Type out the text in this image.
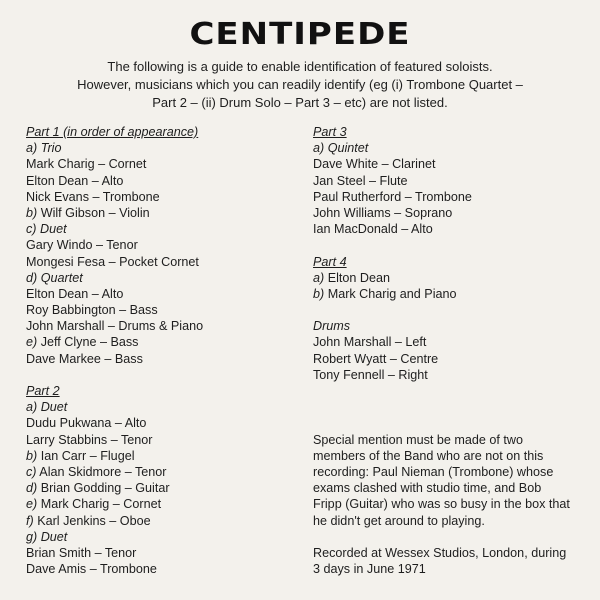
CENTIPEDE
The following is a guide to enable identification of featured soloists.
However, musicians which you can readily identify (eg (i) Trombone Quartet –
Part 2 – (ii) Drum Solo – Part 3 – etc) are not listed.
Part 1 (in order of appearance)
a) Trio
Mark Charig – Cornet
Elton Dean – Alto
Nick Evans – Trombone
b) Wilf Gibson – Violin
c) Duet
Gary Windo – Tenor
Mongesi Fesa – Pocket Cornet
d) Quartet
Elton Dean – Alto
Roy Babbington – Bass
John Marshall – Drums & Piano
e) Jeff Clyne – Bass
Dave Markee – Bass
Part 2
a) Duet
Dudu Pukwana – Alto
Larry Stabbins – Tenor
b) Ian Carr – Flugel
c) Alan Skidmore – Tenor
d) Brian Godding – Guitar
e) Mark Charig – Cornet
f) Karl Jenkins – Oboe
g) Duet
Brian Smith – Tenor
Dave Amis – Trombone
Part 3
a) Quintet
Dave White – Clarinet
Jan Steel – Flute
Paul Rutherford – Trombone
John Williams – Soprano
Ian MacDonald – Alto
Part 4
a) Elton Dean
b) Mark Charig and Piano
Drums
John Marshall – Left
Robert Wyatt – Centre
Tony Fennell – Right
Special mention must be made of two
members of the Band who are not on this
recording: Paul Nieman (Trombone) whose
exams clashed with studio time, and Bob
Fripp (Guitar) who was so busy in the box that
he didn't get around to playing.
Recorded at Wessex Studios, London, during
3 days in June 1971
